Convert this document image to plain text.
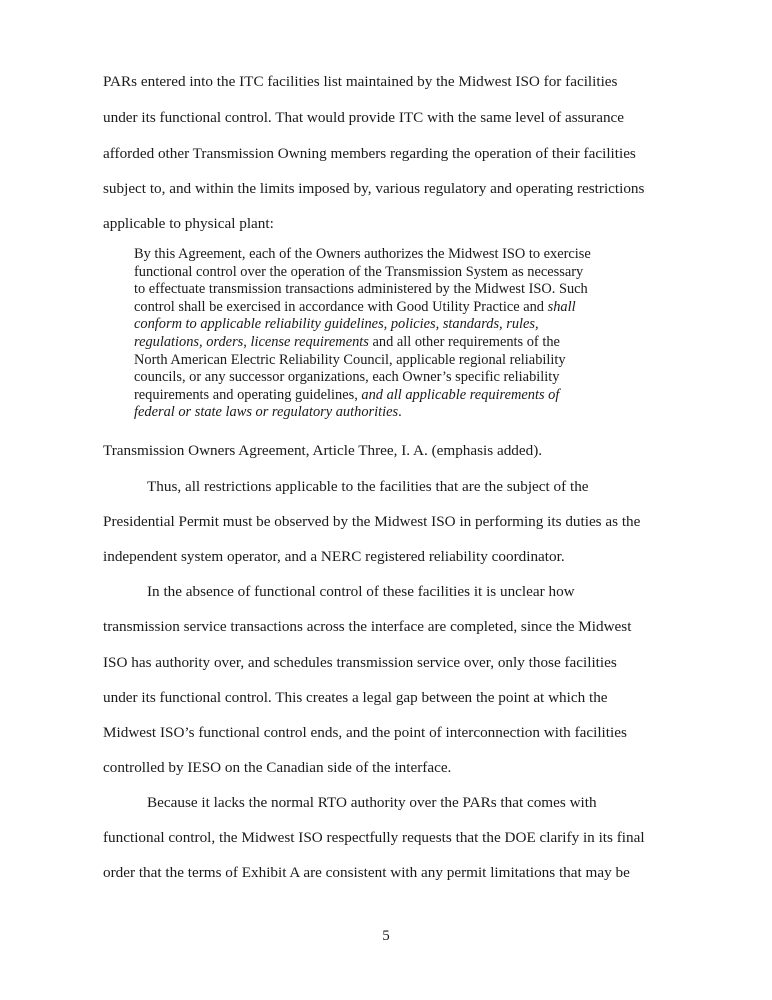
PARs entered into the ITC facilities list maintained by the Midwest ISO for facilities
under its functional control. That would provide ITC with the same level of assurance
afforded other Transmission Owning members regarding the operation of their facilities
subject to, and within the limits imposed by, various regulatory and operating restrictions
applicable to physical plant:
By this Agreement, each of the Owners authorizes the Midwest ISO to exercise
functional control over the operation of the Transmission System as necessary
to effectuate transmission transactions administered by the Midwest ISO. Such
control shall be exercised in accordance with Good Utility Practice and shall
conform to applicable reliability guidelines, policies, standards, rules,
regulations, orders, license requirements and all other requirements of the
North American Electric Reliability Council, applicable regional reliability
councils, or any successor organizations, each Owner’s specific reliability
requirements and operating guidelines, and all applicable requirements of
federal or state laws or regulatory authorities.
Transmission Owners Agreement, Article Three, I. A. (emphasis added).
Thus, all restrictions applicable to the facilities that are the subject of the
Presidential Permit must be observed by the Midwest ISO in performing its duties as the
independent system operator, and a NERC registered reliability coordinator.
In the absence of functional control of these facilities it is unclear how
transmission service transactions across the interface are completed, since the Midwest
ISO has authority over, and schedules transmission service over, only those facilities
under its functional control. This creates a legal gap between the point at which the
Midwest ISO’s functional control ends, and the point of interconnection with facilities
controlled by IESO on the Canadian side of the interface.
Because it lacks the normal RTO authority over the PARs that comes with
functional control, the Midwest ISO respectfully requests that the DOE clarify in its final
order that the terms of Exhibit A are consistent with any permit limitations that may be
5
